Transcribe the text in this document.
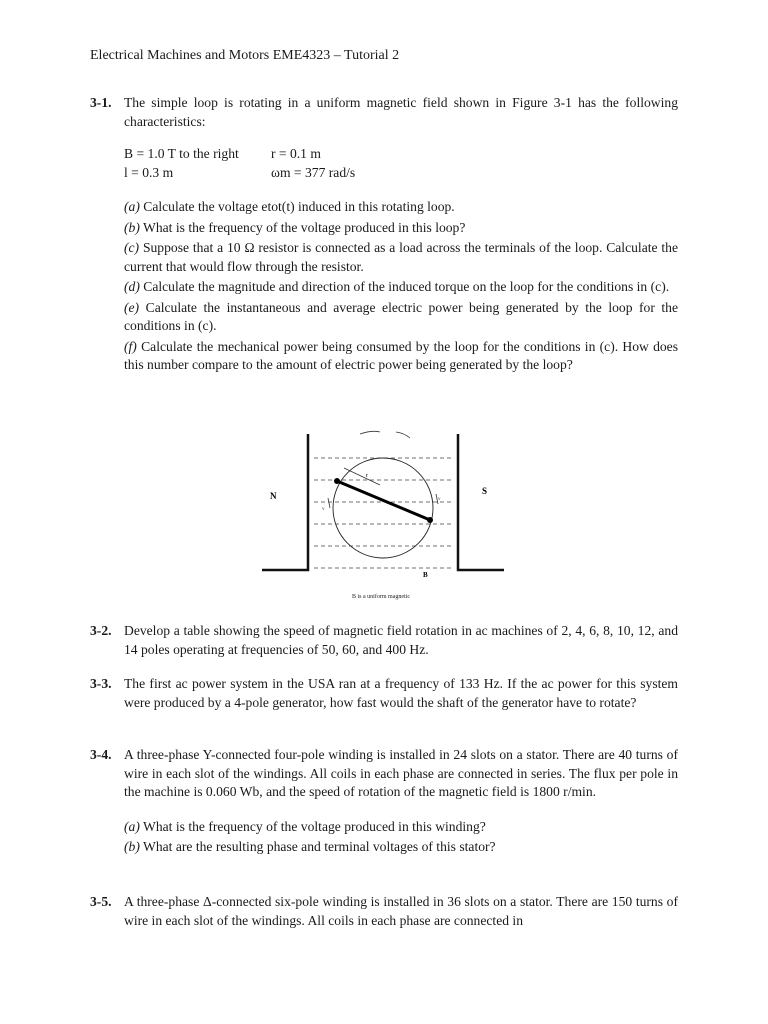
Electrical Machines and Motors EME4323 – Tutorial 2
3-1. The simple loop is rotating in a uniform magnetic field shown in Figure 3-1 has the following characteristics:
B = 1.0 T to the right	r = 0.1 m
l = 0.3 m	ωm = 377 rad/s
(a) Calculate the voltage etot(t) induced in this rotating loop.
(b) What is the frequency of the voltage produced in this loop?
(c) Suppose that a 10 Ω resistor is connected as a load across the terminals of the loop. Calculate the current that would flow through the resistor.
(d) Calculate the magnitude and direction of the induced torque on the loop for the conditions in (c).
(e) Calculate the instantaneous and average electric power being generated by the loop for the conditions in (c).
(f) Calculate the mechanical power being consumed by the loop for the conditions in (c). How does this number compare to the amount of electric power being generated by the loop?
r
v
v
N	S
B
B is a uniform magnetic
3-2. Develop a table showing the speed of magnetic field rotation in ac machines of 2, 4, 6, 8, 10, 12, and 14 poles operating at frequencies of 50, 60, and 400 Hz.
3-3. The first ac power system in the USA ran at a frequency of 133 Hz. If the ac power for this system were produced by a 4-pole generator, how fast would the shaft of the generator have to rotate?
3-4. A three-phase Y-connected four-pole winding is installed in 24 slots on a stator. There are 40 turns of wire in each slot of the windings. All coils in each phase are connected in series. The flux per pole in the machine is 0.060 Wb, and the speed of rotation of the magnetic field is 1800 r/min.
(a) What is the frequency of the voltage produced in this winding?
(b) What are the resulting phase and terminal voltages of this stator?
3-5. A three-phase Δ-connected six-pole winding is installed in 36 slots on a stator. There are 150 turns of wire in each slot of the windings. All coils in each phase are connected in
